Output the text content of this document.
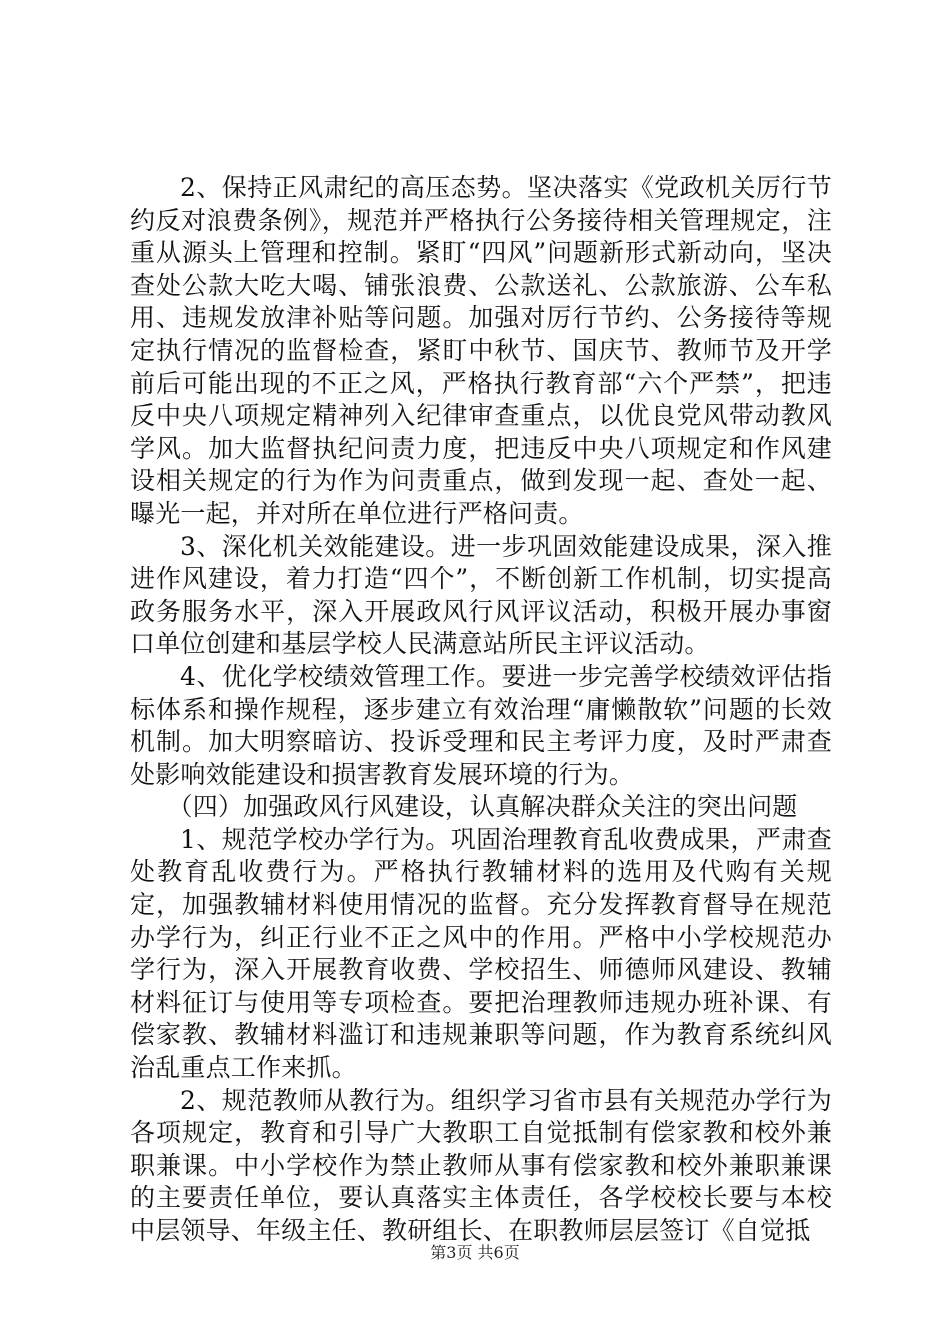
2、保持正风肃纪的高压态势。坚决落实《党政机关厉行节约反对浪费条例》，规范并严格执行公务接待相关管理规定，注重从源头上管理和控制。紧盯“四风”问题新形式新动向，坚决查处公款大吃大喝、铺张浪费、公款送礼、公款旅游、公车私用、违规发放津补贴等问题。加强对厉行节约、公务接待等规定执行情况的监督检查，紧盯中秋节、国庆节、教师节及开学前后可能出现的不正之风，严格执行教育部“六个严禁”，把违反中央八项规定精神列入纪律审查重点，以优良党风带动教风学风。加大监督执纪问责力度，把违反中央八项规定和作风建设相关规定的行为作为问责重点，做到发现一起、查处一起、曝光一起，并对所在单位进行严格问责。

3、深化机关效能建设。进一步巩固效能建设成果，深入推进作风建设，着力打造“四个”，不断创新工作机制，切实提高政务服务水平，深入开展政风行风评议活动，积极开展办事窗口单位创建和基层学校人民满意站所民主评议活动。

4、优化学校绩效管理工作。要进一步完善学校绩效评估指标体系和操作规程，逐步建立有效治理“庸懒散软”问题的长效机制。加大明察暗访、投诉受理和民主考评力度，及时严肃查处影响效能建设和损害教育发展环境的行为。

（四）加强政风行风建设，认真解决群众关注的突出问题

1、规范学校办学行为。巩固治理教育乱收费成果，严肃查处教育乱收费行为。严格执行教辅材料的选用及代购有关规定，加强教辅材料使用情况的监督。充分发挥教育督导在规范办学行为，纠正行业不正之风中的作用。严格中小学校规范办学行为，深入开展教育收费、学校招生、师德师风建设、教辅材料征订与使用等专项检查。要把治理教师违规办班补课、有偿家教、教辅材料滥订和违规兼职等问题，作为教育系统纠风治乱重点工作来抓。

2、规范教师从教行为。组织学习省市县有关规范办学行为各项规定，教育和引导广大教职工自觉抵制有偿家教和校外兼职兼课。中小学校作为禁止教师从事有偿家教和校外兼职兼课的主要责任单位，要认真落实主体责任，各学校校长要与本校中层领导、年级主任、教研组长、在职教师层层签订《自觉抵

第3页 共6页
